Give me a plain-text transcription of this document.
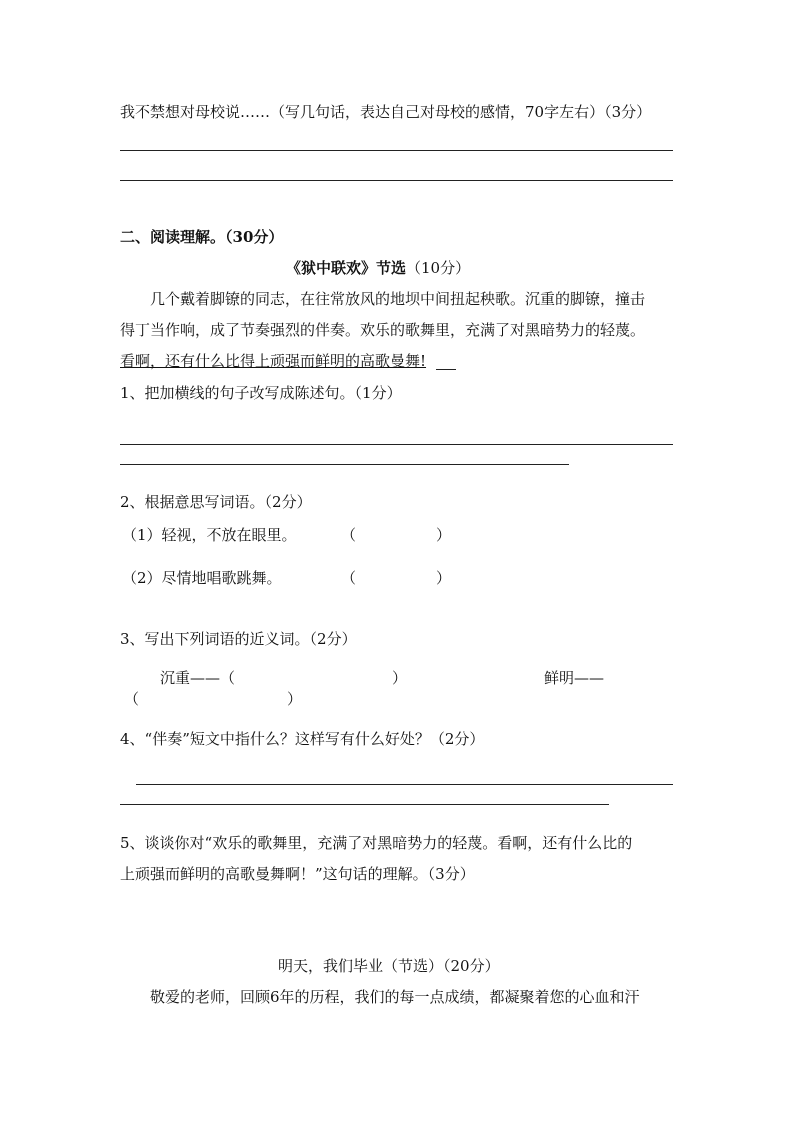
我不禁想对母校说……（写几句话，表达自己对母校的感情，70字左右）（3分）
二、阅读理解。（30分）
《狱中联欢》节选（10分）
几个戴着脚镣的同志，在往常放风的地坝中间扭起秧歌。沉重的脚镣，撞击
得丁当作响，成了节奏强烈的伴奏。欢乐的歌舞里，充满了对黑暗势力的轻蔑。
看啊，还有什么比得上顽强而鲜明的高歌曼舞!
1、把加横线的句子改写成陈述句。（1分）
2、根据意思写词语。（2分）
（1）轻视，不放在眼里。	（	）
（2）尽情地唱歌跳舞。	（	）
3、写出下列词语的近义词。（2分）
沉重——（	）	鲜明——
（	）
4、“伴奏”短文中指什么？这样写有什么好处？（2分）
5、谈谈你对“欢乐的歌舞里，充满了对黑暗势力的轻蔑。看啊，还有什么比的
上顽强而鲜明的高歌曼舞啊！”这句话的理解。（3分）
明天，我们毕业（节选）（20分）
敬爱的老师，回顾6年的历程，我们的每一点成绩，都凝聚着您的心血和汗
